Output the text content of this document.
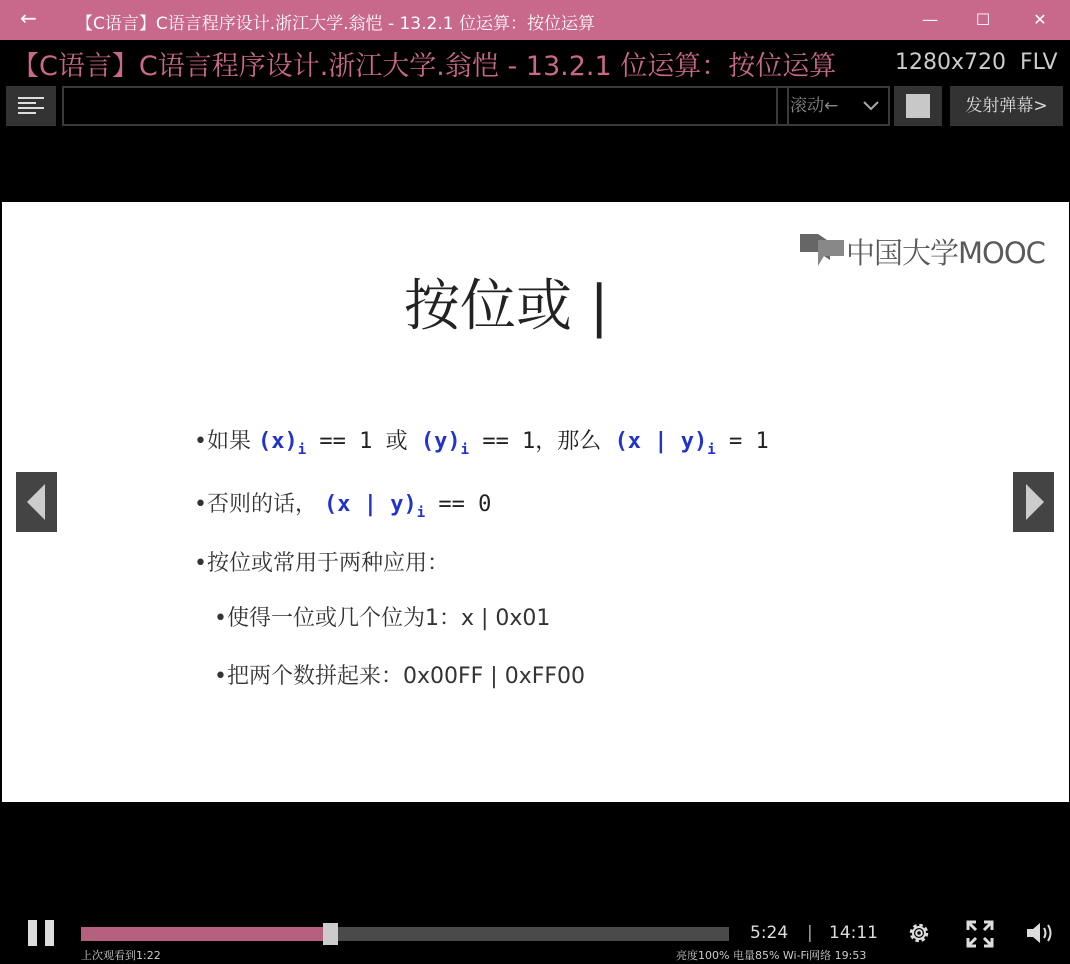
← 【C语言】C语言程序设计.浙江大学.翁恺 - 13.2.1 位运算：按位运算	—	☐	✕
【C语言】C语言程序设计.浙江大学.翁恺 - 13.2.1 位运算：按位运算	1280x720 FLV
滚动←	发射弹幕>
中国大学MOOC
按位或 |
•如果 $(x)_i == 1$ 或 $(y)_i == 1$，那么 (x | $y)_i = 1$
•否则的话， (x | $y)_i == 0$
•按位或常用于两种应用：
•使得一位或几个位为1：x | 0x01
•把两个数拼起来：0x00FF | 0xFF00
5:24 | 14:11
上次观看到1:22	亮度100% 电量85% Wi-Fi网络 19:53
